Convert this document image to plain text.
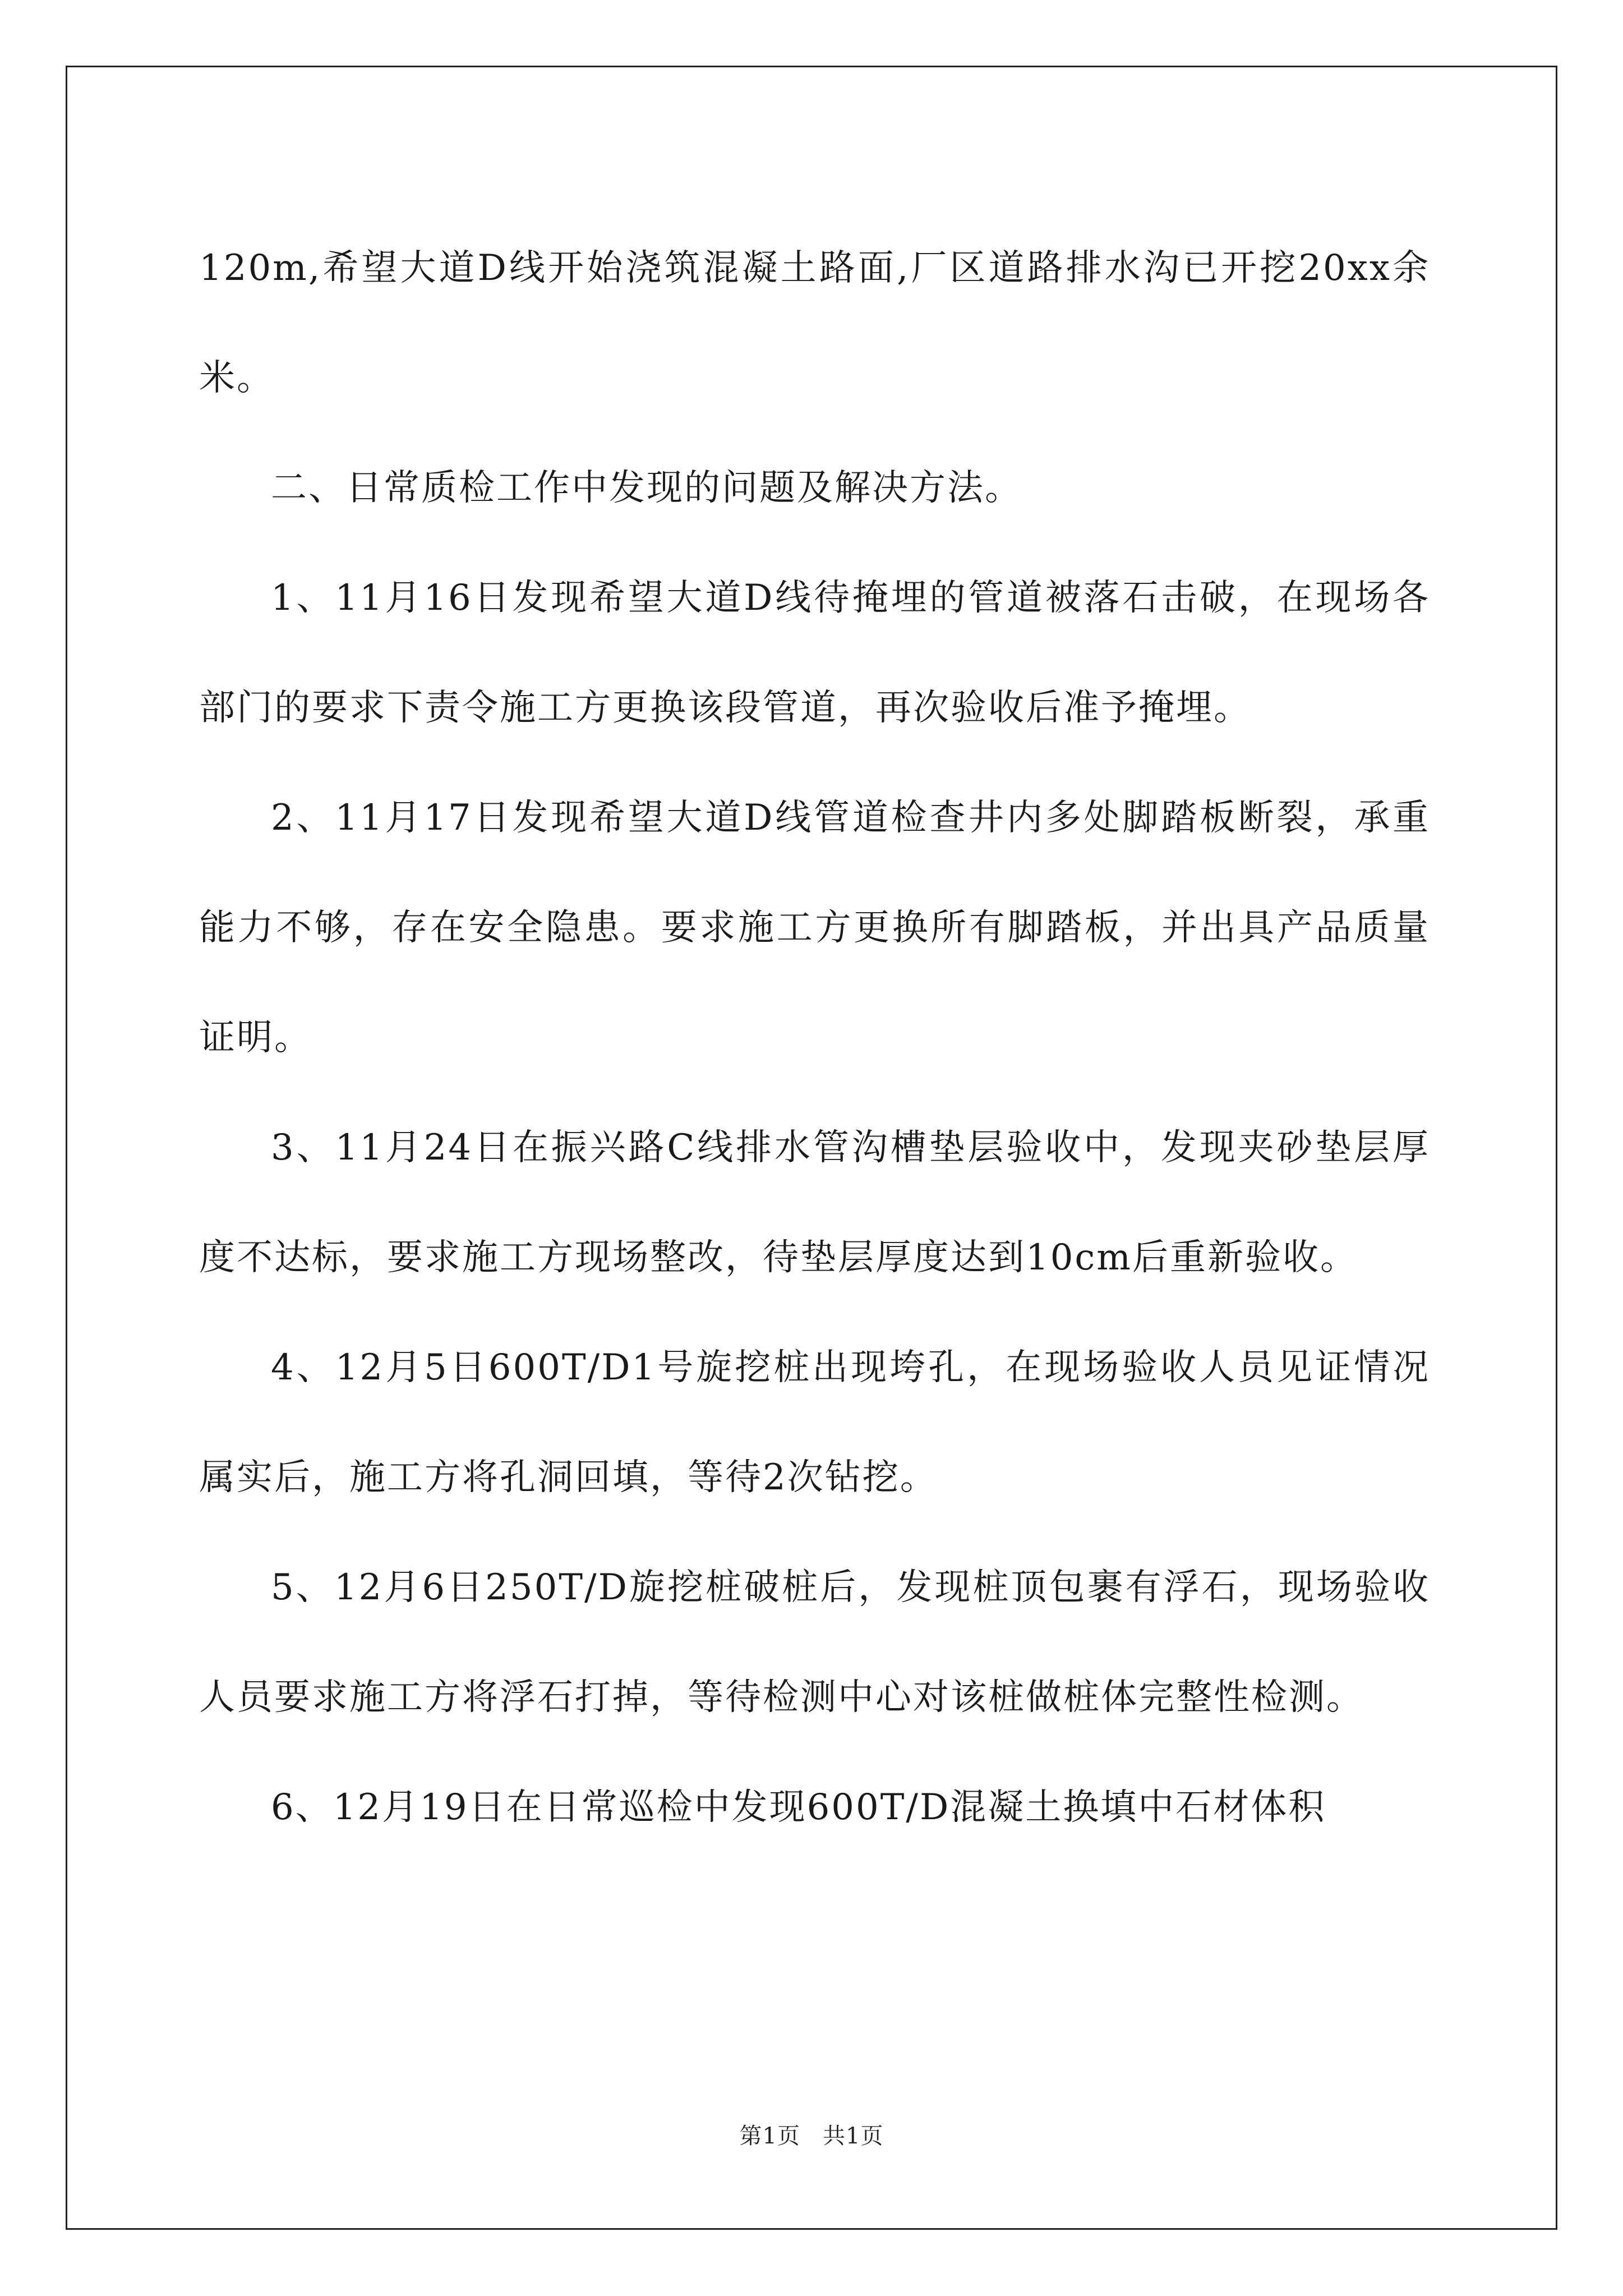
120m,希望大道D线开始浇筑混凝土路面,厂区道路排水沟已开挖20xx余米。

二、日常质检工作中发现的问题及解决方法。

1、11月16日发现希望大道D线待掩埋的管道被落石击破，在现场各部门的要求下责令施工方更换该段管道，再次验收后准予掩埋。

2、11月17日发现希望大道D线管道检查井内多处脚踏板断裂，承重能力不够，存在安全隐患。要求施工方更换所有脚踏板，并出具产品质量证明。

3、11月24日在振兴路C线排水管沟槽垫层验收中，发现夹砂垫层厚度不达标，要求施工方现场整改，待垫层厚度达到10cm后重新验收。

4、12月5日600T/D1号旋挖桩出现垮孔，在现场验收人员见证情况属实后，施工方将孔洞回填，等待2次钻挖。

5、12月6日250T/D旋挖桩破桩后，发现桩顶包裹有浮石，现场验收人员要求施工方将浮石打掉，等待检测中心对该桩做桩体完整性检测。

6、12月19日在日常巡检中发现600T/D混凝土换填中石材体积

第1页 共1页
